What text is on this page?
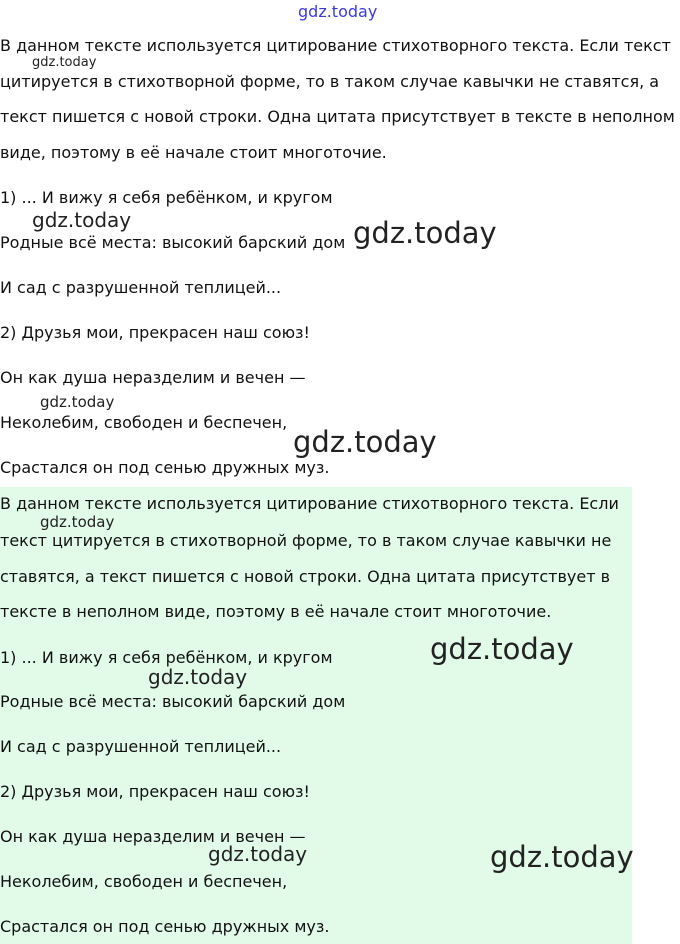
gdz.today
В данном тексте используется цитирование стихотворного текста. Если текст
цитируется в стихотворной форме, то в таком случае кавычки не ставятся, а
текст пишется с новой строки. Одна цитата присутствует в тексте в неполном
виде, поэтому в её начале стоит многоточие.
1) ... И вижу я себя ребёнком, и кругом
Родные всё места: высокий барский дом
И сад с разрушенной теплицей...
2) Друзья мои, прекрасен наш союз!
Он как душа неразделим и вечен —
Неколебим, свободен и беспечен,
Срастался он под сенью дружных муз.
В данном тексте используется цитирование стихотворного текста. Если
текст цитируется в стихотворной форме, то в таком случае кавычки не
ставятся, а текст пишется с новой строки. Одна цитата присутствует в
тексте в неполном виде, поэтому в её начале стоит многоточие.
1) ... И вижу я себя ребёнком, и кругом
Родные всё места: высокий барский дом
И сад с разрушенной теплицей...
2) Друзья мои, прекрасен наш союз!
Он как душа неразделим и вечен —
Неколебим, свободен и беспечен,
Срастался он под сенью дружных муз.
gdz.today
gdz.today	gdz.today
gdz.today
gdz.today
gdz.today
gdz.today
gdz.today
gdz.today	gdz.today
